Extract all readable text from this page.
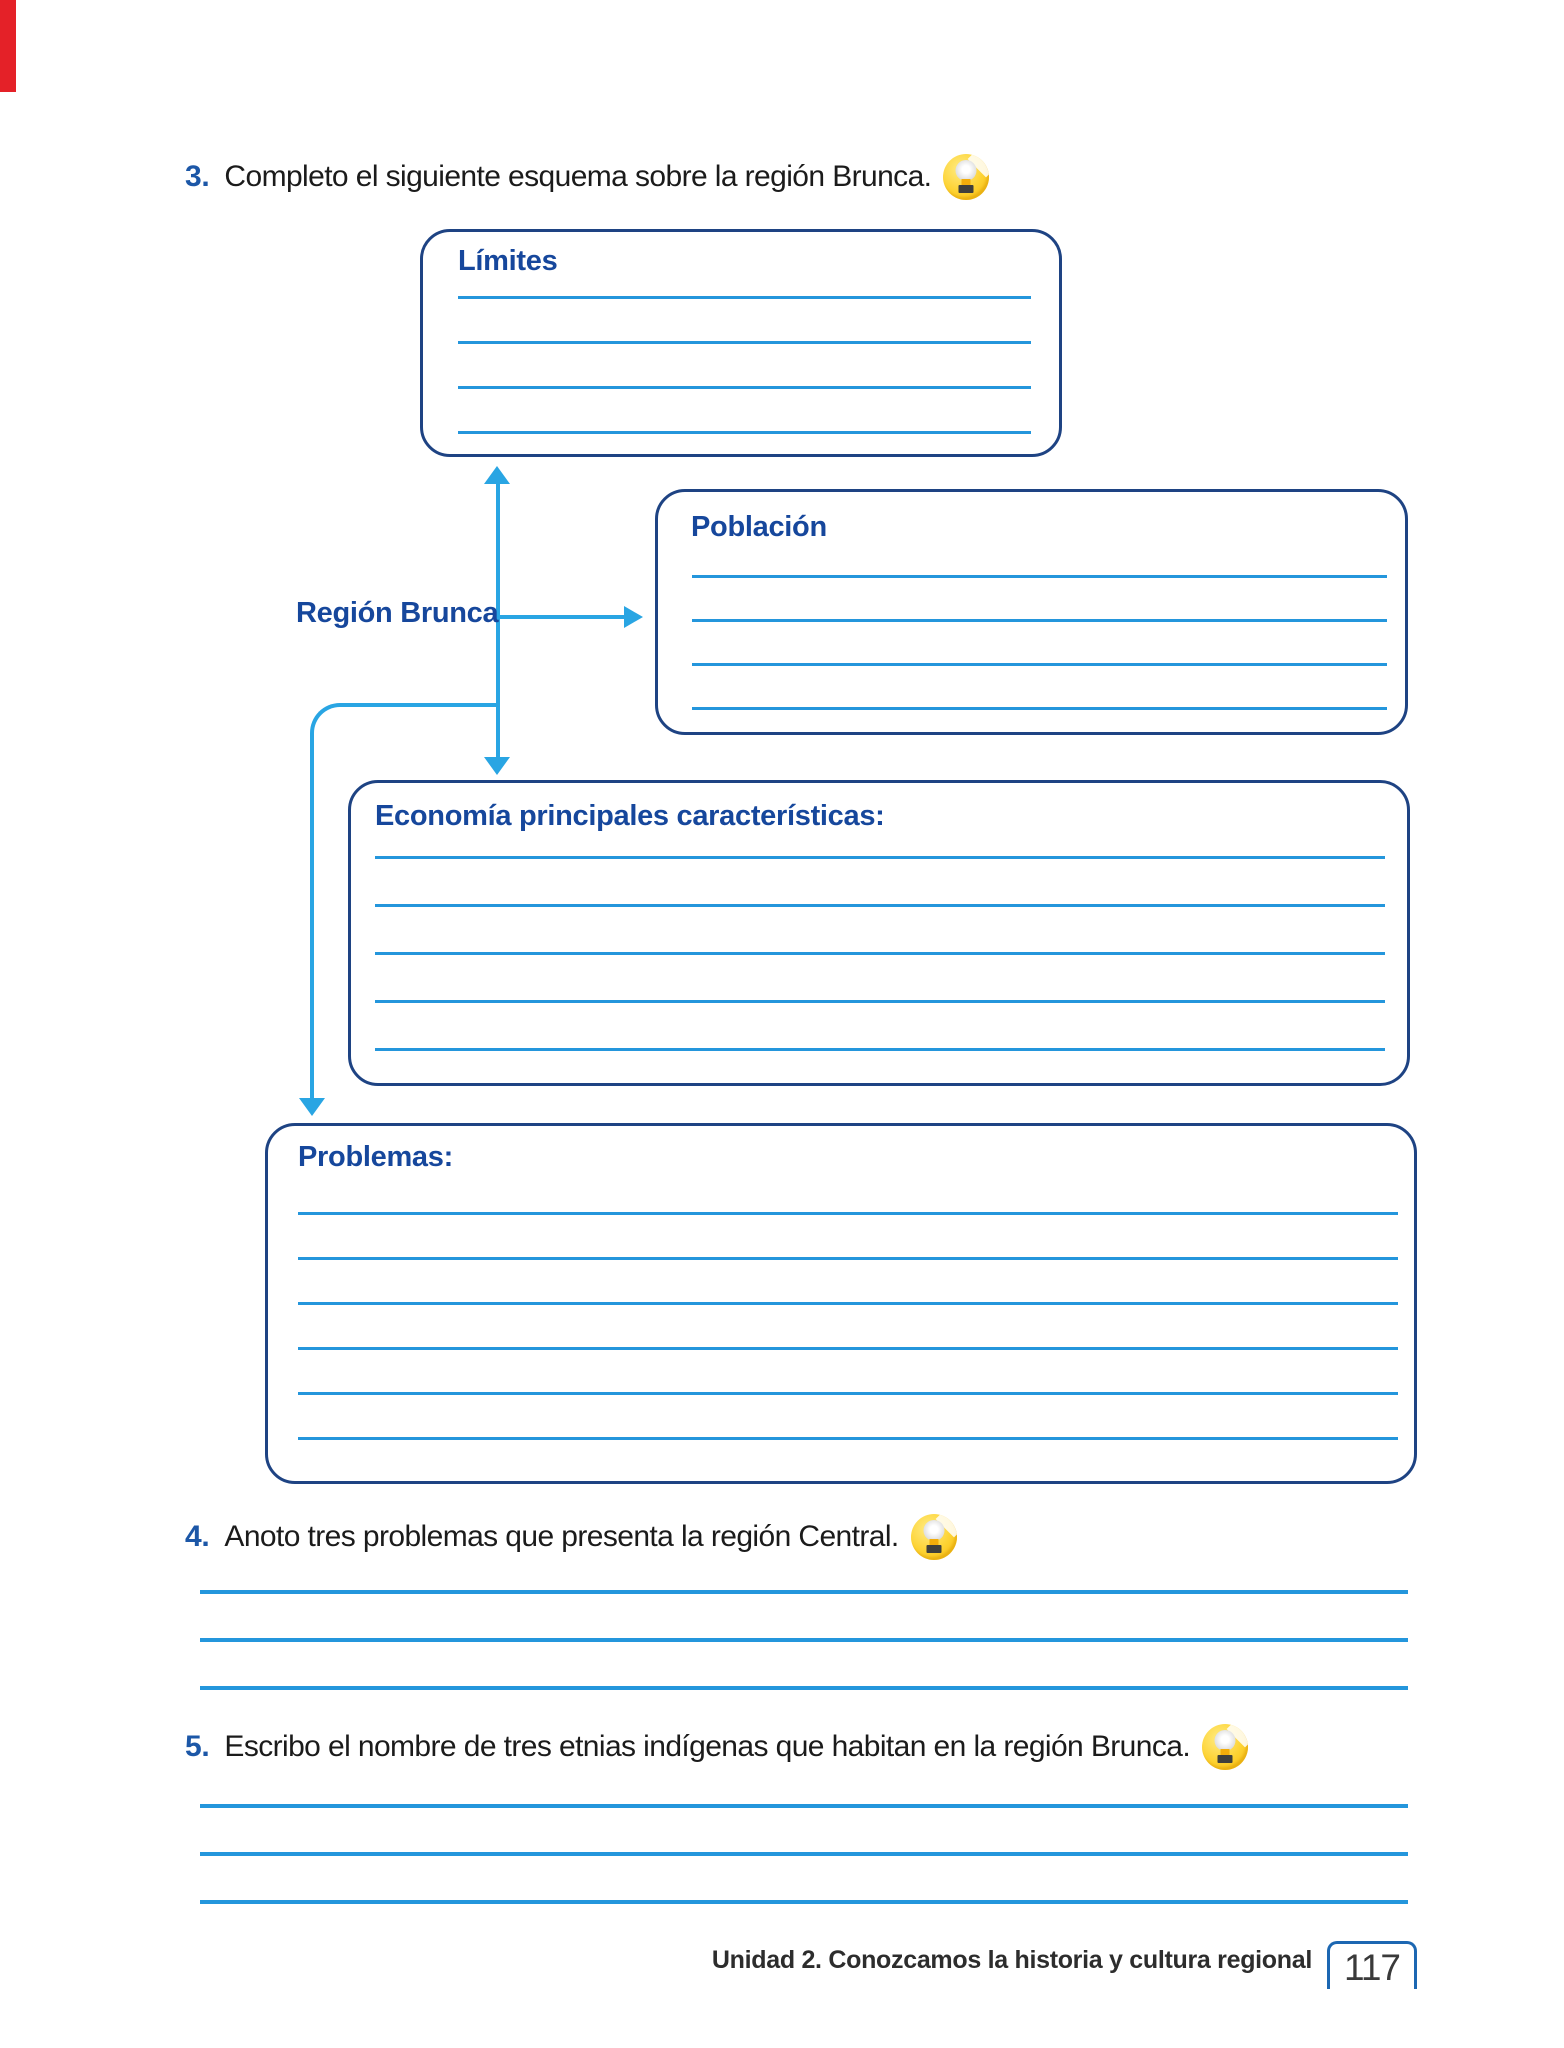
3. Completo el siguiente esquema sobre la región Brunca.
Límites
Región Brunca
Población
Economía principales características:
Problemas:
4. Anoto tres problemas que presenta la región Central.
5. Escribo el nombre de tres etnias indígenas que habitan en la región Brunca.
Unidad 2. Conozcamos la historia y cultura regional 117
